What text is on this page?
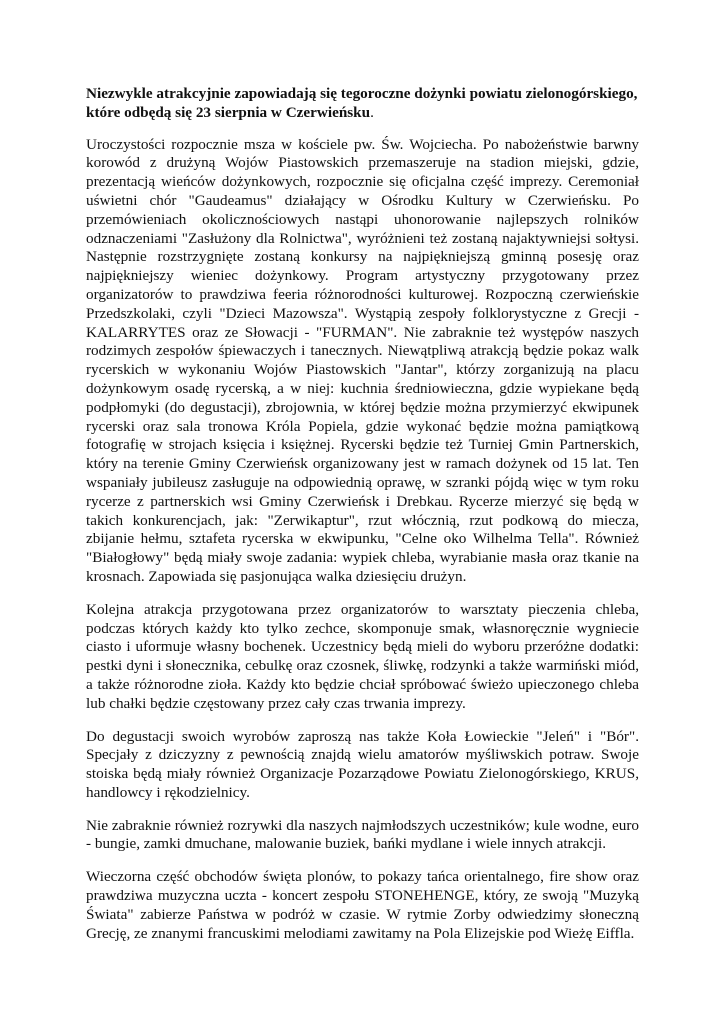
Niezwykle atrakcyjnie zapowiadają się tegoroczne dożynki powiatu zielonogórskiego, które odbędą się 23 sierpnia w Czerwieńsku.

Uroczystości rozpocznie msza w kościele pw. Św. Wojciecha. Po nabożeństwie barwny korowód z drużyną Wojów Piastowskich przemaszeruje na stadion miejski, gdzie, prezentacją wieńców dożynkowych, rozpocznie się oficjalna część imprezy. Ceremoniał uświetni chór "Gaudeamus" działający w Ośrodku Kultury w Czerwieńsku. Po przemówieniach okolicznościowych nastąpi uhonorowanie najlepszych rolników odznaczeniami "Zasłużony dla Rolnictwa", wyróżnieni też zostaną najaktywniejsi sołtysi. Następnie rozstrzygnięte zostaną konkursy na najpiękniejszą gminną posesję oraz najpiękniejszy wieniec dożynkowy. Program artystyczny przygotowany przez organizatorów to prawdziwa feeria różnorodności kulturowej. Rozpoczną czerwieńskie Przedszkolaki, czyli "Dzieci Mazowsza". Wystąpią zespoły folklorystyczne z Grecji - KALARRYTES oraz ze Słowacji - "FURMAN". Nie zabraknie też występów naszych rodzimych zespołów śpiewaczych i tanecznych. Niewątpliwą atrakcją będzie pokaz walk rycerskich w wykonaniu Wojów Piastowskich "Jantar", którzy zorganizują na placu dożynkowym osadę rycerską, a w niej: kuchnia średniowieczna, gdzie wypiekane będą podpłomyki (do degustacji), zbrojownia, w której będzie można przymierzyć ekwipunek rycerski oraz sala tronowa Króla Popiela, gdzie wykonać będzie można pamiątkową fotografię w strojach księcia i księżnej. Rycerski będzie też Turniej Gmin Partnerskich, który na terenie Gminy Czerwieńsk organizowany jest w ramach dożynek od 15 lat. Ten wspaniały jubileusz zasługuje na odpowiednią oprawę, w szranki pójdą więc w tym roku rycerze z partnerskich wsi Gminy Czerwieńsk i Drebkau. Rycerze mierzyć się będą w takich konkurencjach, jak: "Zerwikaptur", rzut włócznią, rzut podkową do miecza, zbijanie hełmu, sztafeta rycerska w ekwipunku, "Celne oko Wilhelma Tella". Również "Białogłowy" będą miały swoje zadania: wypiek chleba, wyrabianie masła oraz tkanie na krosnach. Zapowiada się pasjonująca walka dziesięciu drużyn.

Kolejna atrakcja przygotowana przez organizatorów to warsztaty pieczenia chleba, podczas których każdy kto tylko zechce, skomponuje smak, własnoręcznie wygniecie ciasto i uformuje własny bochenek. Uczestnicy będą mieli do wyboru przeróżne dodatki: pestki dyni i słonecznika, cebulkę oraz czosnek, śliwkę, rodzynki a także warmiński miód, a także różnorodne zioła. Każdy kto będzie chciał spróbować świeżo upieczonego chleba lub chałki będzie częstowany przez cały czas trwania imprezy.

Do degustacji swoich wyrobów zaproszą nas także Koła Łowieckie "Jeleń" i "Bór". Specjały z dziczyzny z pewnością znajdą wielu amatorów myśliwskich potraw. Swoje stoiska będą miały również Organizacje Pozarządowe Powiatu Zielonogórskiego, KRUS, handlowcy i rękodzielnicy.

Nie zabraknie również rozrywki dla naszych najmłodszych uczestników; kule wodne, euro - bungie, zamki dmuchane, malowanie buziek, bańki mydlane i wiele innych atrakcji.

Wieczorna część obchodów święta plonów, to pokazy tańca orientalnego, fire show oraz prawdziwa muzyczna uczta - koncert zespołu STONEHENGE, który, ze swoją "Muzyką Świata" zabierze Państwa w podróż w czasie. W rytmie Zorby odwiedzimy słoneczną Grecję, ze znanymi francuskimi melodiami zawitamy na Pola Elizejskie pod Wieżę Eiffla.
